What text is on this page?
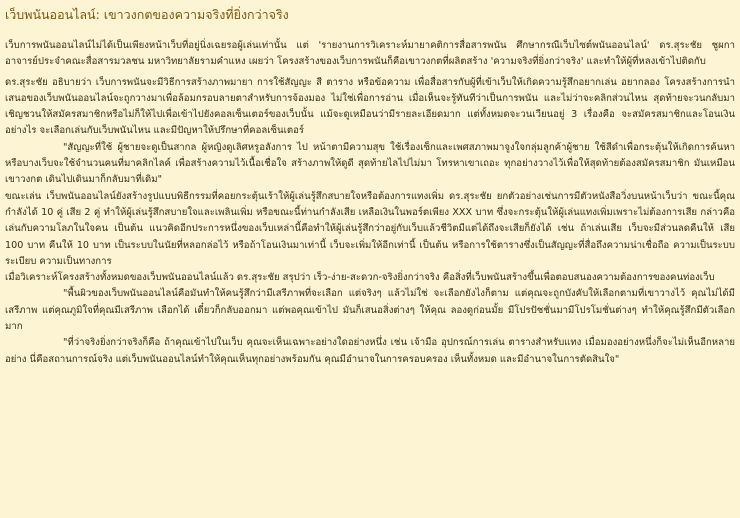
เว็บพนันออนไลน์: เขาวงกตของความจริงที่ยิ่งกว่าจริง

เว็บการพนันออนไลน์ไม่ได้เป็นเพียงหน้าเว็บที่อยู่นิ่งเฉยรอผู้เล่นเท่านั้น แต่ 'รายงานการวิเคราะห์มายาคติการสื่อสารพนัน ศึกษากรณีเว็บไซต์พนันออนไลน์' ดร.สุระชัย ชูผกา อาจารย์ประจำคณะสื่อสารมวลชน มหาวิทยาลัยรามคำแหง เผยว่า โครงสร้างของเว็บการพนันก็คือเขาวงกตที่ผลิตสร้าง 'ความจริงที่ยิ่งกว่าจริง' และทำให้ผู้ที่หลงเข้าไปติดกับ

ดร.สุระชัย อธิบายว่า เว็บการพนันจะมีวิธีการสร้างภาพมายา การใช้สัญญะ สี ตาราง หรือข้อความ เพื่อสื่อสารกับผู้ที่เข้าเว็บให้เกิดความรู้สึกอยากเล่น อยากลอง โครงสร้างการนำเสนอของเว็บพนันออนไลน์จะถูกวางมาเพื่อล้อมกรอบลายตาสำหรับการจ้องมอง ไม่ใช่เพื่อการอ่าน เมื่อเห็นจะรู้ทันทีว่าเป็นการพนัน และไม่ว่าจะคลิกส่วนไหน สุดท้ายจะวนกลับมาเชิญชวนให้สมัครสมาชิกหรือไม่ก็ให้ไปเพื่อเข้าไปยังคอลเซ็นเตอร์ของเว็บนั้น แม้จะดูเหมือนว่ามีรายละเอียดมาก แต่ทั้งหมดจะวนเวียนอยู่ 3 เรื่องคือ จะสมัครสมาชิกและโอนเงินอย่างไร จะเลือกเล่นกับเว็บพนันไหน และมีปัญหาให้ปรึกษาที่คอลเซ็นเตอร์

"สัญญะที่ใช้ ผู้ชายจะดูเป็นสากล ผู้หญิงดูเลิศหรูอลังการ ไป หน้าตามีความสุข ใช้เรื่องเซ็กและเพศสภาพมาจูงใจกลุ่มลูกค้าผู้ชาย ใช้สีดำเพื่อกระตุ้นให้เกิดการค้นหา หรือบางเว็บจะใช้จำนวนคนที่มาคลิกไลค์ เพื่อสร้างความไว้เนื้อเชื่อใจ สร้างภาพให้ดูดี สุดท้ายไลไปไม่มา โทรหาเขาเถอะ ทุกอย่างวางไว้เพื่อให้สุดท้ายต้องสมัครสมาชิก มันเหมือนเขาวงกต เดินไปเดินมาก็กลับมาที่เดิม"

ขณะเล่น เว็บพนันออนไลน์ยังสร้างรูปแบบพิธีกรรมที่คอยกระตุ้นเร้าให้ผู้เล่นรู้สึกสบายใจหรือต้องการแทงเพิ่ม ดร.สุระชัย ยกตัวอย่างเช่นการมีตัวหนังสือวิ่งบนหน้าเว็บว่า ขณะนี้คุณกำลังได้ 10 คู่ เสีย 2 คู่ ทำให้ผู้เล่นรู้สึกสบายใจและเพลินเพิ่ม หรือขณะนี้ท่านกำลังเสีย เหลือเงินในพอร์ตเพียง XXX บาท ซึ่งจะกระตุ้นให้ผู้เล่นแทงเพิ่มเพราะไม่ต้องการเสีย กล่าวคือเล่นกับความโลภในใจคน เป็นต้น แนวคิดอีกประการหนึ่งของเว็บเหล่านี้คือทำให้ผู้เล่นรู้สึกว่าอยู่กับเว็บแล้วชีวิตมีแต่ได้ถึงจะเสียก็ยังได้ เช่น ถ้าเล่นเสีย เว็บจะมีส่วนลดคืนให้ เสีย 100 บาท คืนให้ 10 บาท เป็นระบบในนัยที่หลอกล่อไว้ หรือถ้าโอนเงินมาเท่านี้ เว็บจะเพิ่มให้อีกเท่านี้ เป็นต้น หรือการใช้ตารางซึ่งเป็นสัญญะที่สื่อถึงความน่าเชื่อถือ ความเป็นระบบระเบียบ ความเป็นทางการ

เมื่อวิเคราะห์โครงสร้างทั้งหมดของเว็บพนันออนไลน์แล้ว ดร.สุระชัย สรุปว่า เร็ว-ง่าย-สะดวก-จริงยิ่งกว่าจริง คือสิ่งที่เว็บพนันสร้างขึ้นเพื่อตอบสนองความต้องการของคนท่องเว็บ

"พื้นผิวของเว็บพนันออนไลน์คือมันทำให้คนรู้สึกว่ามีเสรีภาพที่จะเลือก แต่จริงๆ แล้วไม่ใช่ จะเลือกยังไงก็ตาม แต่คุณจะถูกบังคับให้เลือกตามที่เขาวางไว้ คุณไม่ได้มีเสรีภาพ แต่คุณภูมิใจที่คุณมีเสรีภาพ เลือกได้ เดี๋ยวก็กลับออกมา แต่พอคุณเข้าไป มันก็เสนอสิ่งต่างๆ ให้คุณ ลองดูก่อนมั้ย มีโปรปัชชั่นมามีโปรโมชั่นต่างๆ ทำให้คุณรู้สึกมีตัวเลือกมาก

"ที่ว่าจริงยิ่งกว่าจริงก็คือ ถ้าคุณเข้าไปในเว็บ คุณจะเห็นเฉพาะอย่างใดอย่างหนึ่ง เช่น เจ้ามือ อุปกรณ์การเล่น ตารางสำหรับแทง เมื่อมองอย่างหนึ่งก็จะไม่เห็นอีกหลายอย่าง นี่คือสถานการณ์จริง แต่เว็บพนันออนไลน์ทำให้คุณเห็นทุกอย่างพร้อมกัน คุณมีอำนาจในการครอบครอง เห็นทั้งหมด และมีอำนาจในการตัดสินใจ"
